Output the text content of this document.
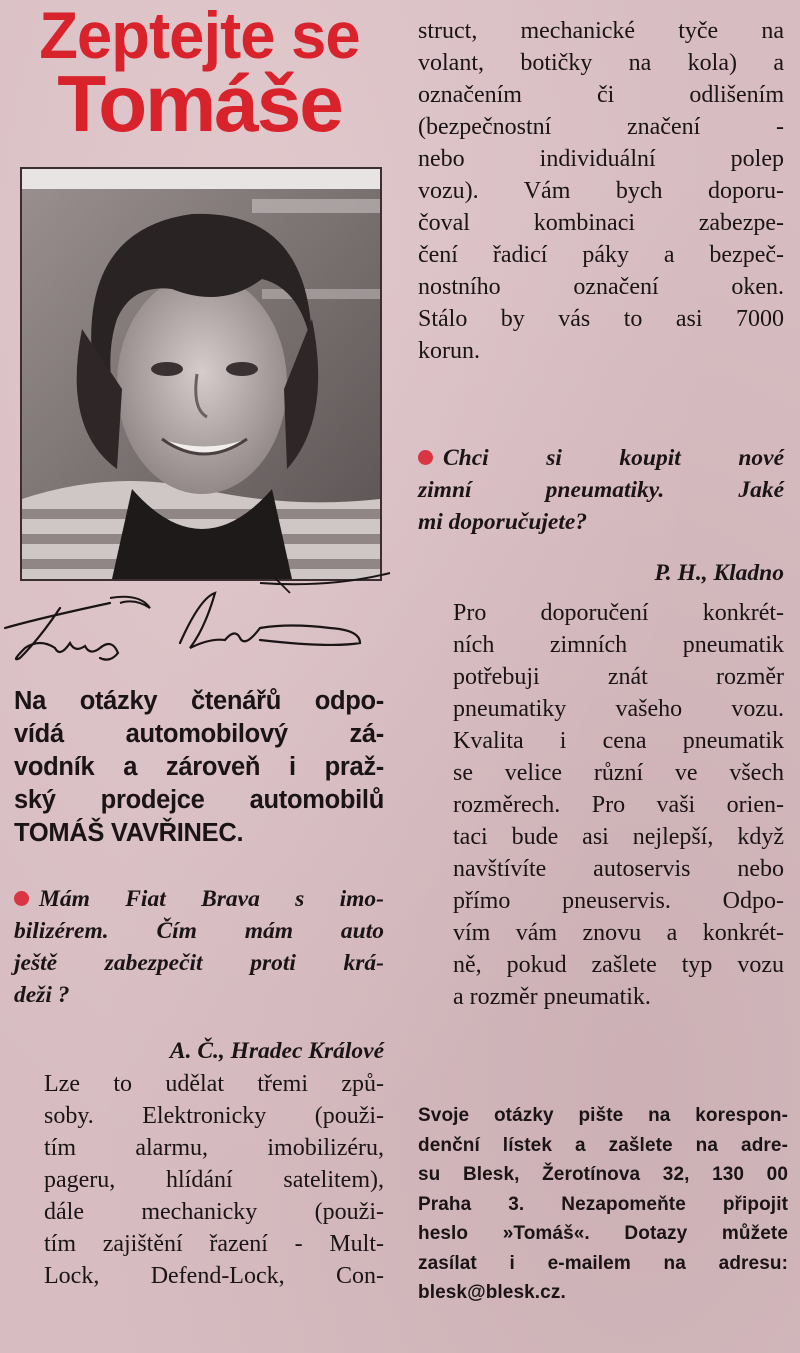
Zeptejte se
Tomáše
Na otázky čtenářů odpo-
vídá automobilový zá-
vodník a zároveň i praž-
ský prodejce automobilů
TOMÁŠ VAVŘINEC.
Mám Fiat Brava s imo-
bilizérem. Čím mám auto
ještě zabezpečit proti krá-
deži ?
A. Č., Hradec Králové
Lze to udělat třemi způ-
soby. Elektronicky (použi-
tím alarmu, imobilizéru,
pageru, hlídání satelitem),
dále mechanicky (použi-
tím zajištění řazení - Mult-
Lock, Defend-Lock, Con-
struct, mechanické tyče na
volant, botičky na kola) a
označením či odlišením
(bezpečnostní značení -
nebo individuální polep
vozu). Vám bych doporu-
čoval kombinaci zabezpe-
čení řadicí páky a bezpeč-
nostního označení oken.
Stálo by vás to asi 7000
korun.
Chci si koupit nové
zimní pneumatiky. Jaké
mi doporučujete?
P. H., Kladno
Pro doporučení konkrét-
ních zimních pneumatik
potřebuji znát rozměr
pneumatiky vašeho vozu.
Kvalita i cena pneumatik
se velice různí ve všech
rozměrech. Pro vaši orien-
taci bude asi nejlepší, když
navštívíte autoservis nebo
přímo pneuservis. Odpo-
vím vám znovu a konkrét-
ně, pokud zašlete typ vozu
a rozměr pneumatik.
Svoje otázky pište na korespon-
denční lístek a zašlete na adre-
su Blesk, Žerotínova 32, 130 00
Praha 3. Nezapomeňte připojit
heslo »Tomáš«. Dotazy můžete
zasílat i e-mailem na adresu:
blesk@blesk.cz.
